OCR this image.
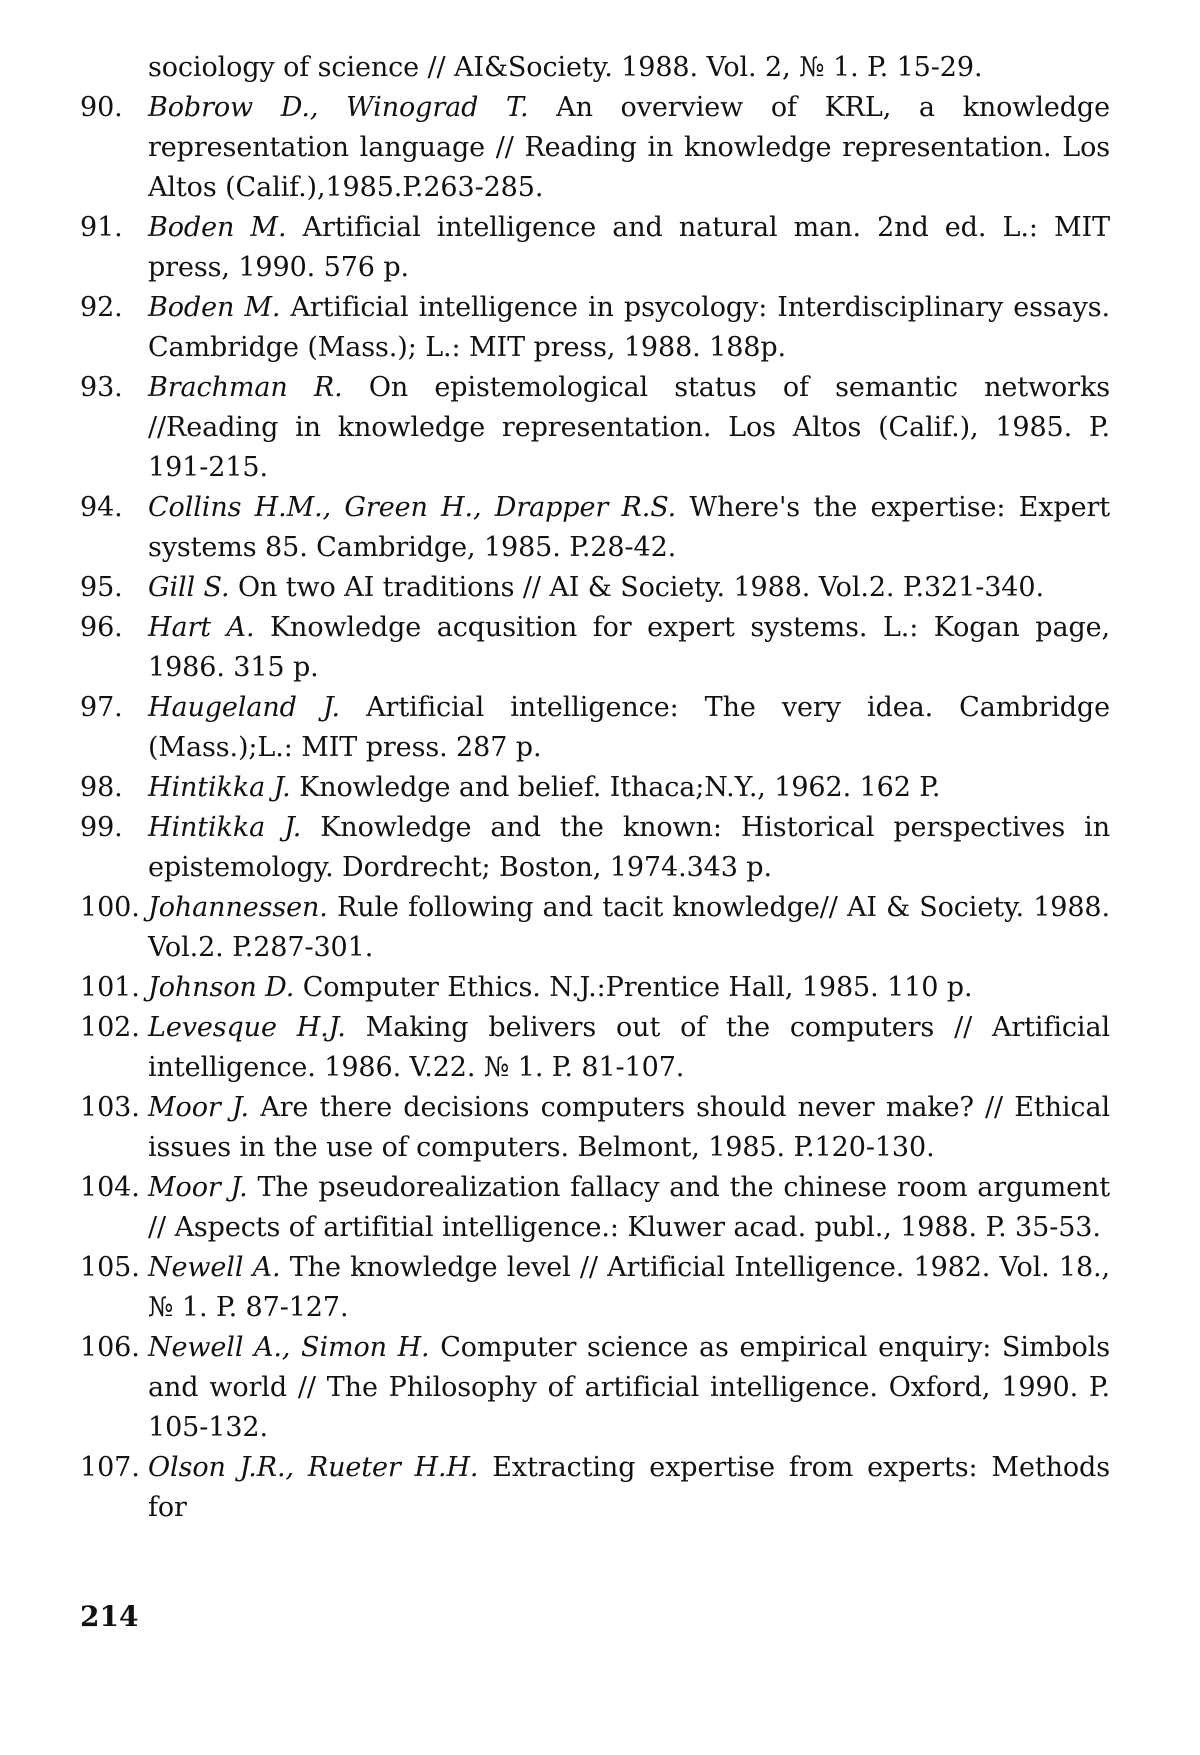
sociology of science // AI&Society. 1988. Vol. 2, № 1. P. 15-29.

90. Bobrow D., Winograd T. An overview of KRL, a knowledge representation language // Reading in knowledge representation. Los Altos (Calif.),1985.P.263-285.

91. Boden M. Artificial intelligence and natural man. 2nd ed. L.: MIT press, 1990. 576 p.

92. Boden M. Artificial intelligence in psycology: Interdisciplinary essays. Cambridge (Mass.); L.: MIT press, 1988. 188p.

93. Brachman R. On epistemological status of semantic networks //Reading in knowledge representation. Los Altos (Calif.), 1985. P. 191-215.

94. Collins H.M., Green H., Drapper R.S. Where's the expertise: Expert systems 85. Cambridge, 1985. P.28-42.

95. Gill S. On two AI traditions // AI & Society. 1988. Vol.2. P.321-340.

96. Hart A. Knowledge acqusition for expert systems. L.: Kogan page, 1986. 315 p.

97. Haugeland J. Artificial intelligence: The very idea. Cambridge (Mass.);L.: MIT press. 287 p.

98. Hintikka J. Knowledge and belief. Ithaca;N.Y., 1962. 162 P.

99. Hintikka J. Knowledge and the known: Historical perspectives in epistemology. Dordrecht; Boston, 1974.343 p.

100. Johannessen. Rule following and tacit knowledge// AI & Society. 1988. Vol.2. P.287-301.

101. Johnson D. Computer Ethics. N.J.:Prentice Hall, 1985. 110 p.

102. Levesque H.J. Making belivers out of the computers // Artificial intelligence. 1986. V.22. № 1. P. 81-107.

103. Moor J. Are there decisions computers should never make? // Ethical issues in the use of computers. Belmont, 1985. P.120-130.

104. Moor J. The pseudorealization fallacy and the chinese room argument // Aspects of artifitial intelligence.: Kluwer acad. publ., 1988. P. 35-53.

105. Newell A. The knowledge level // Artificial Intelligence. 1982. Vol. 18., № 1. P. 87-127.

106. Newell A., Simon H. Computer science as empirical enquiry: Simbols and world // The Philosophy of artificial intelligence. Oxford, 1990. P. 105-132.

107. Olson J.R., Rueter H.H. Extracting expertise from experts: Methods for

214
